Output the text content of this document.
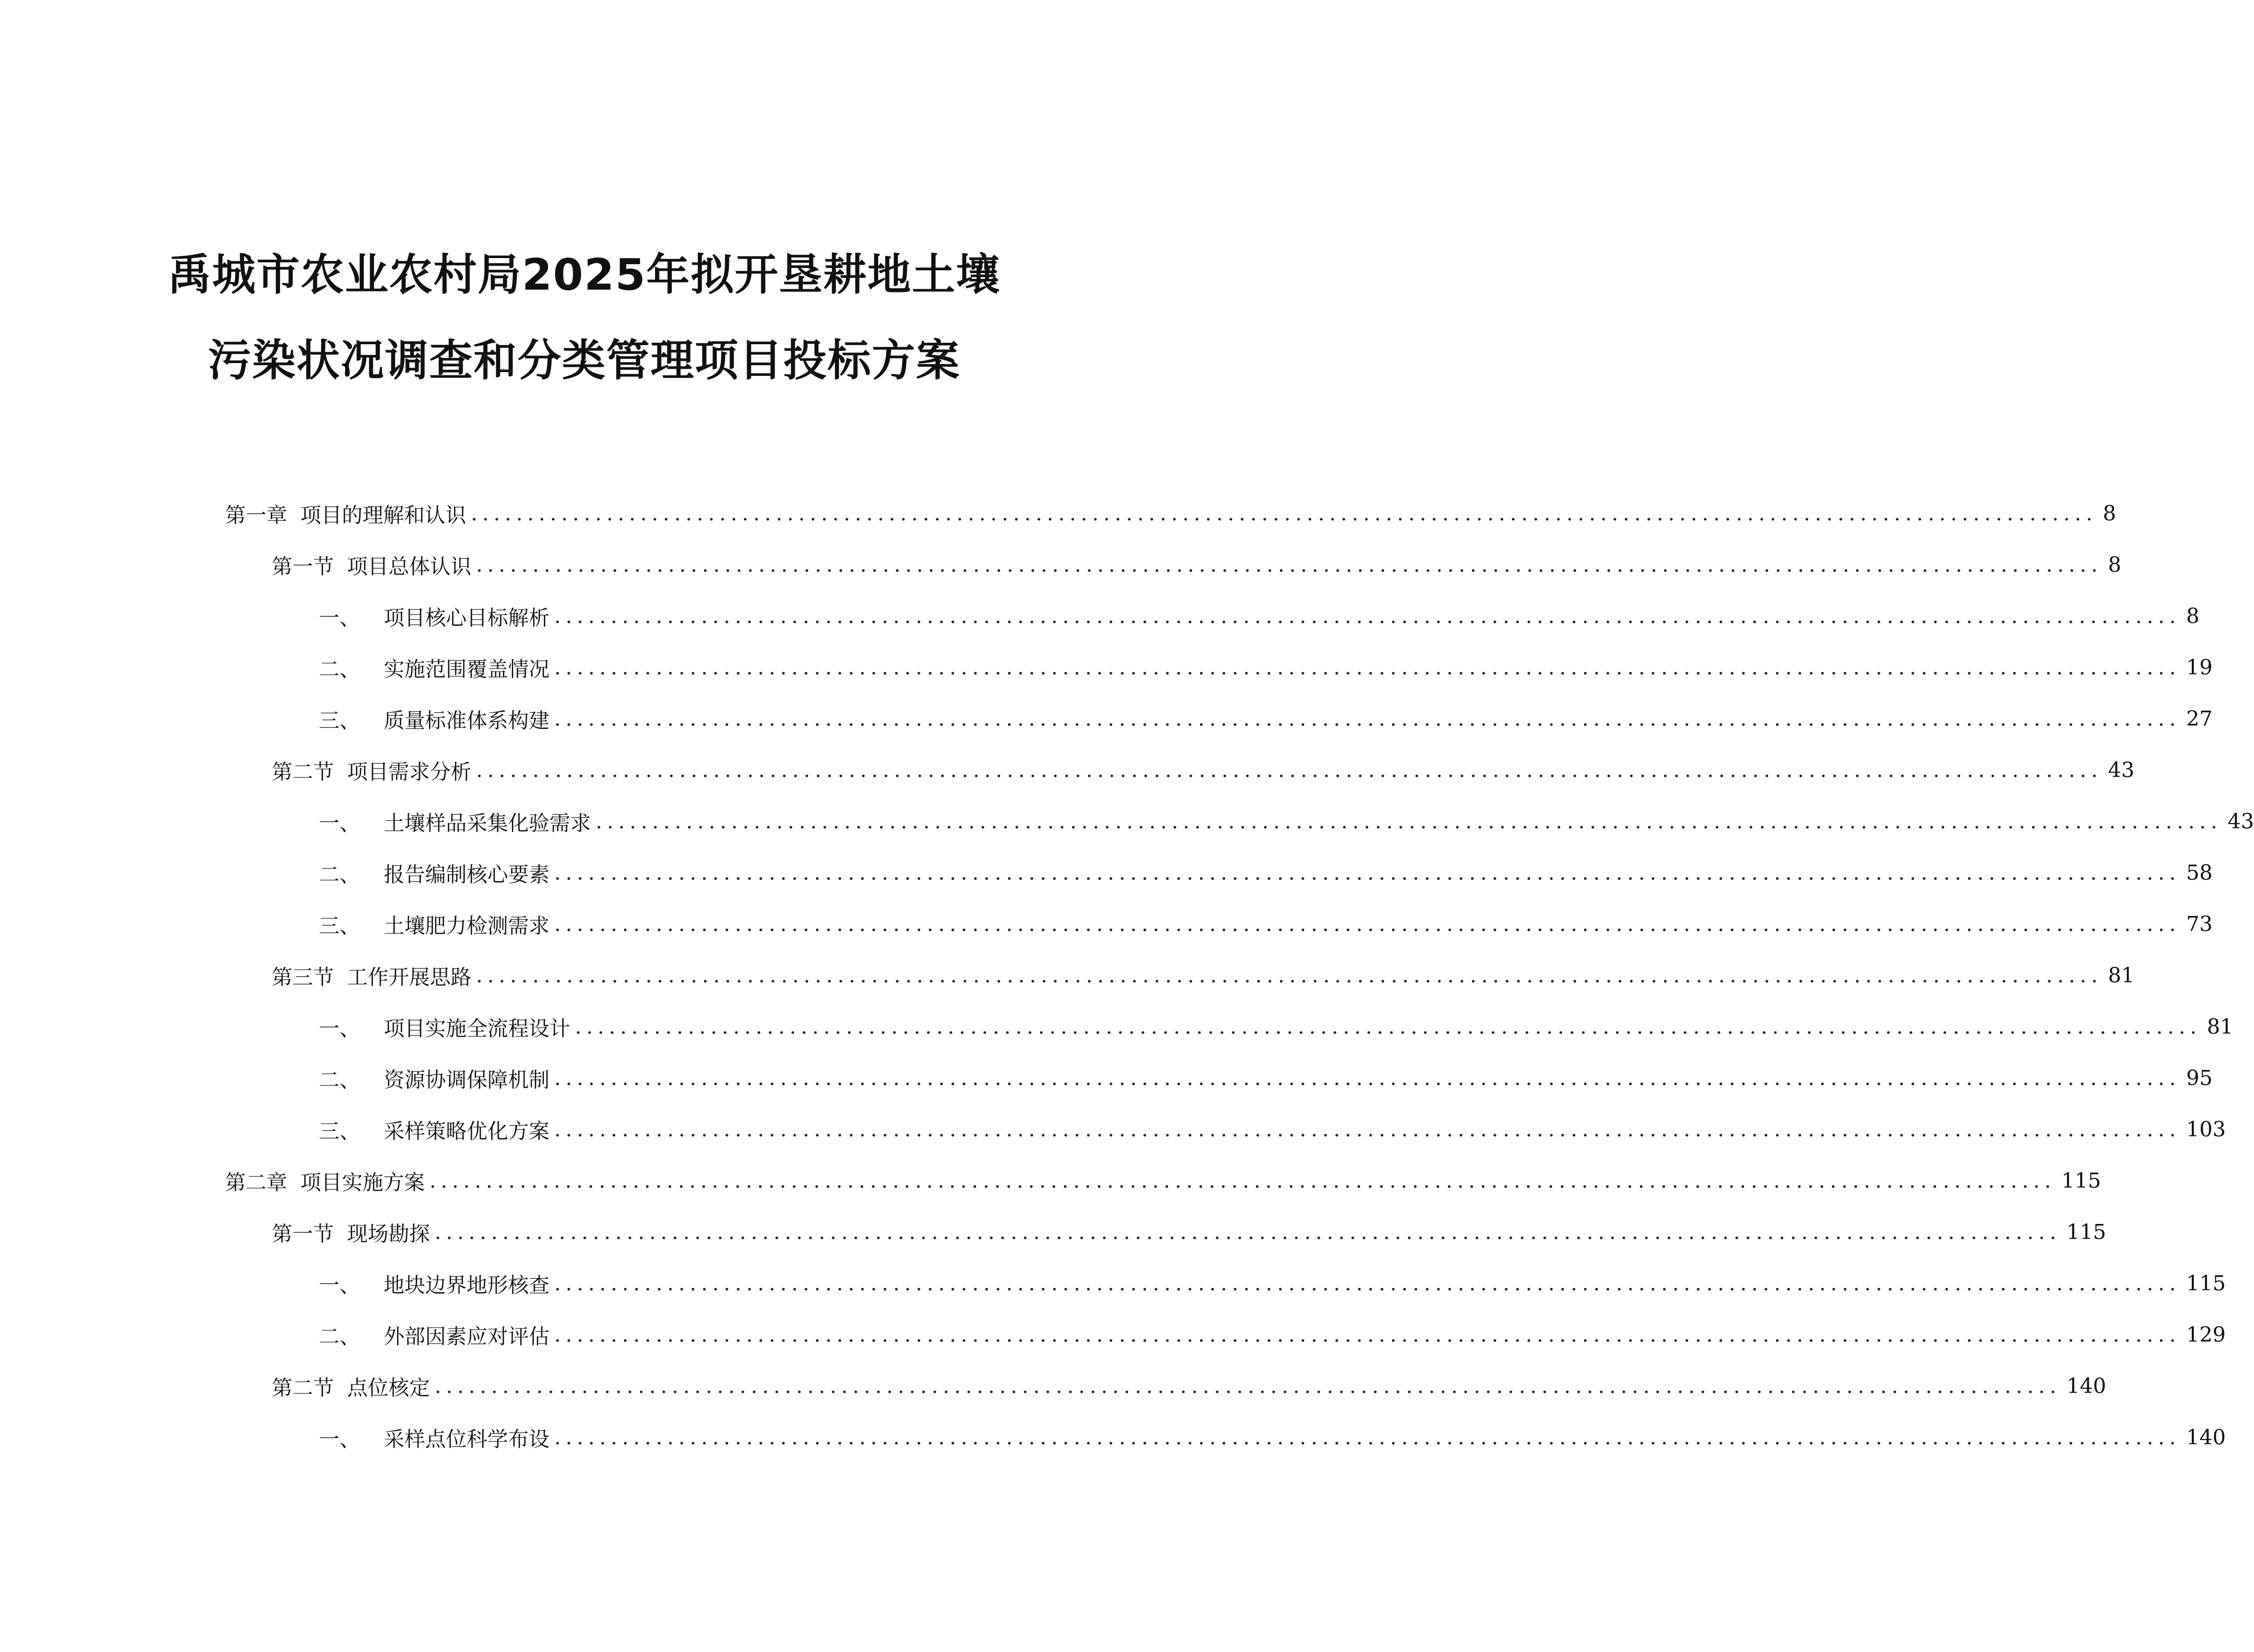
禹城市农业农村局2025年拟开垦耕地土壤
污染状况调查和分类管理项目投标方案
第一章 项目的理解和认识 ................................................................................................................................................ 8
第一节 项目总体认识 ................................................................................................................................................ 8
一、 项目核心目标解析 ................................................................................................................................................ 8
二、 实施范围覆盖情况 ................................................................................................................................................ 19
三、 质量标准体系构建 ................................................................................................................................................ 27
第二节 项目需求分析 ................................................................................................................................................ 43
一、 土壤样品采集化验需求 ................................................................................................................................................ 43
二、 报告编制核心要素 ................................................................................................................................................ 58
三、 土壤肥力检测需求 ................................................................................................................................................ 73
第三节 工作开展思路 ................................................................................................................................................ 81
一、 项目实施全流程设计 ................................................................................................................................................ 81
二、 资源协调保障机制 ................................................................................................................................................ 95
三、 采样策略优化方案 ................................................................................................................................................ 103
第二章 项目实施方案 ................................................................................................................................................ 115
第一节 现场勘探 ................................................................................................................................................ 115
一、 地块边界地形核查 ................................................................................................................................................ 115
二、 外部因素应对评估 ................................................................................................................................................ 129
第二节 点位核定 ................................................................................................................................................ 140
一、 采样点位科学布设 ................................................................................................................................................ 140
